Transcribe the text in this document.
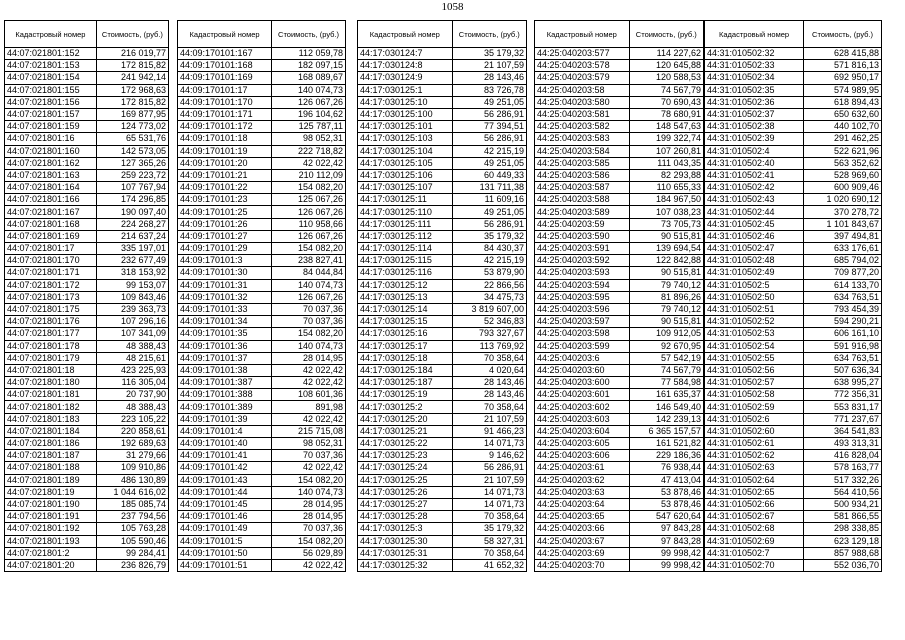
1058
Кадастровый номер	Стоимость, (руб.)
44:07:021801:152	216 019,77
44:07:021801:153	172 815,82
44:07:021801:154	241 942,14
44:07:021801:155	172 968,63
44:07:021801:156	172 815,82
44:07:021801:157	169 877,95
44:07:021801:159	124 773,02
44:07:021801:16	65 531,76
44:07:021801:160	142 573,05
44:07:021801:162	127 365,26
44:07:021801:163	259 223,72
44:07:021801:164	107 767,94
44:07:021801:166	174 296,85
44:07:021801:167	190 097,40
44:07:021801:168	224 268,27
44:07:021801:169	214 637,24
44:07:021801:17	335 197,01
44:07:021801:170	232 677,49
44:07:021801:171	318 153,92
44:07:021801:172	99 153,07
44:07:021801:173	109 843,46
44:07:021801:175	239 363,73
44:07:021801:176	107 296,16
44:07:021801:177	107 341,09
44:07:021801:178	48 388,43
44:07:021801:179	48 215,61
44:07:021801:18	423 225,93
44:07:021801:180	116 305,04
44:07:021801:181	20 737,90
44:07:021801:182	48 388,43
44:07:021801:183	223 105,22
44:07:021801:184	220 858,61
44:07:021801:186	192 689,63
44:07:021801:187	31 279,66
44:07:021801:188	109 910,86
44:07:021801:189	486 130,89
44:07:021801:19	1 044 616,02
44:07:021801:190	185 085,74
44:07:021801:191	237 794,56
44:07:021801:192	105 763,28
44:07:021801:193	105 590,46
44:07:021801:2	99 284,41
44:07:021801:20	236 826,79
Кадастровый номер	Стоимость, (руб.)
44:09:170101:167	112 059,78
44:09:170101:168	182 097,15
44:09:170101:169	168 089,67
44:09:170101:17	140 074,73
44:09:170101:170	126 067,26
44:09:170101:171	196 104,62
44:09:170101:172	125 787,11
44:09:170101:18	98 052,31
44:09:170101:19	222 718,82
44:09:170101:20	42 022,42
44:09:170101:21	210 112,09
44:09:170101:22	154 082,20
44:09:170101:23	125 067,26
44:09:170101:25	126 067,26
44:09:170101:26	110 958,66
44:09:170101:27	126 067,26
44:09:170101:29	154 082,20
44:09:170101:3	238 827,41
44:09:170101:30	84 044,84
44:09:170101:31	140 074,73
44:09:170101:32	126 067,26
44:09:170101:33	70 037,36
44:09:170101:34	70 037,36
44:09:170101:35	154 082,20
44:09:170101:36	140 074,73
44:09:170101:37	28 014,95
44:09:170101:38	42 022,42
44:09:170101:387	42 022,42
44:09:170101:388	108 601,36
44:09:170101:389	891,98
44:09:170101:39	42 022,42
44:09:170101:4	215 715,08
44:09:170101:40	98 052,31
44:09:170101:41	70 037,36
44:09:170101:42	42 022,42
44:09:170101:43	154 082,20
44:09:170101:44	140 074,73
44:09:170101:45	28 014,95
44:09:170101:46	28 014,95
44:09:170101:49	70 037,36
44:09:170101:5	154 082,20
44:09:170101:50	56 029,89
44:09:170101:51	42 022,42
Кадастровый номер	Стоимость, (руб.)
44:17:030124:7	35 179,32
44:17:030124:8	21 107,59
44:17:030124:9	28 143,46
44:17:030125:1	83 726,78
44:17:030125:10	49 251,05
44:17:030125:100	56 286,91
44:17:030125:101	77 394,51
44:17:030125:103	56 286,91
44:17:030125:104	42 215,19
44:17:030125:105	49 251,05
44:17:030125:106	60 449,33
44:17:030125:107	131 711,38
44:17:030125:11	11 609,16
44:17:030125:110	49 251,05
44:17:030125:111	56 286,91
44:17:030125:112	35 179,32
44:17:030125:114	84 430,37
44:17:030125:115	42 215,19
44:17:030125:116	53 879,90
44:17:030125:12	22 866,56
44:17:030125:13	34 475,73
44:17:030125:14	3 819 607,00
44:17:030125:15	52 346,83
44:17:030125:16	793 327,67
44:17:030125:17	113 769,92
44:17:030125:18	70 358,64
44:17:030125:184	4 020,64
44:17:030125:187	28 143,46
44:17:030125:19	28 143,46
44:17:030125:2	70 358,64
44:17:030125:20	21 107,59
44:17:030125:21	91 466,23
44:17:030125:22	14 071,73
44:17:030125:23	9 146,62
44:17:030125:24	56 286,91
44:17:030125:25	21 107,59
44:17:030125:26	14 071,73
44:17:030125:27	14 071,73
44:17:030125:28	70 358,64
44:17:030125:3	35 179,32
44:17:030125:30	58 327,31
44:17:030125:31	70 358,64
44:17:030125:32	41 652,32
Кадастровый номер	Стоимость, (руб.)
44:25:040203:577	114 227,62
44:25:040203:578	120 645,88
44:25:040203:579	120 588,53
44:25:040203:58	74 567,79
44:25:040203:580	70 690,43
44:25:040203:581	78 680,91
44:25:040203:582	148 547,63
44:25:040203:583	199 322,74
44:25:040203:584	107 260,81
44:25:040203:585	111 043,35
44:25:040203:586	82 293,88
44:25:040203:587	110 655,33
44:25:040203:588	184 967,50
44:25:040203:589	107 038,23
44:25:040203:59	73 705,73
44:25:040203:590	90 515,81
44:25:040203:591	139 694,54
44:25:040203:592	122 842,88
44:25:040203:593	90 515,81
44:25:040203:594	79 740,12
44:25:040203:595	81 896,26
44:25:040203:596	79 740,12
44:25:040203:597	90 515,81
44:25:040203:598	109 912,05
44:25:040203:599	92 670,95
44:25:040203:6	57 542,19
44:25:040203:60	74 567,79
44:25:040203:600	77 584,98
44:25:040203:601	161 635,37
44:25:040203:602	146 549,40
44:25:040203:603	142 239,13
44:25:040203:604	6 365 157,57
44:25:040203:605	161 521,82
44:25:040203:606	229 186,36
44:25:040203:61	76 938,44
44:25:040203:62	47 413,04
44:25:040203:63	53 878,46
44:25:040203:64	53 878,46
44:25:040203:65	547 620,64
44:25:040203:66	97 843,28
44:25:040203:67	97 843,28
44:25:040203:69	99 998,42
44:25:040203:70	99 998,42
Кадастровый номер	Стоимость, (руб.)
44:31:010502:32	628 415,88
44:31:010502:33	571 816,13
44:31:010502:34	692 950,17
44:31:010502:35	574 989,95
44:31:010502:36	618 894,43
44:31:010502:37	650 632,60
44:31:010502:38	440 102,70
44:31:010502:39	291 462,25
44:31:010502:4	522 621,96
44:31:010502:40	563 352,62
44:31:010502:41	528 969,60
44:31:010502:42	600 909,46
44:31:010502:43	1 020 690,12
44:31:010502:44	370 278,72
44:31:010502:45	1 101 843,67
44:31:010502:46	397 494,81
44:31:010502:47	633 176,61
44:31:010502:48	685 794,02
44:31:010502:49	709 877,20
44:31:010502:5	614 133,70
44:31:010502:50	634 763,51
44:31:010502:51	793 454,39
44:31:010502:52	594 290,21
44:31:010502:53	606 161,10
44:31:010502:54	591 916,98
44:31:010502:55	634 763,51
44:31:010502:56	507 636,34
44:31:010502:57	638 995,27
44:31:010502:58	772 356,31
44:31:010502:59	553 831,17
44:31:010502:6	771 237,67
44:31:010502:60	364 541,83
44:31:010502:61	493 313,31
44:31:010502:62	416 828,04
44:31:010502:63	578 163,77
44:31:010502:64	517 332,26
44:31:010502:65	564 410,56
44:31:010502:66	500 934,21
44:31:010502:67	581 866,55
44:31:010502:68	298 338,85
44:31:010502:69	623 129,18
44:31:010502:7	857 988,68
44:31:010502:70	552 036,70
